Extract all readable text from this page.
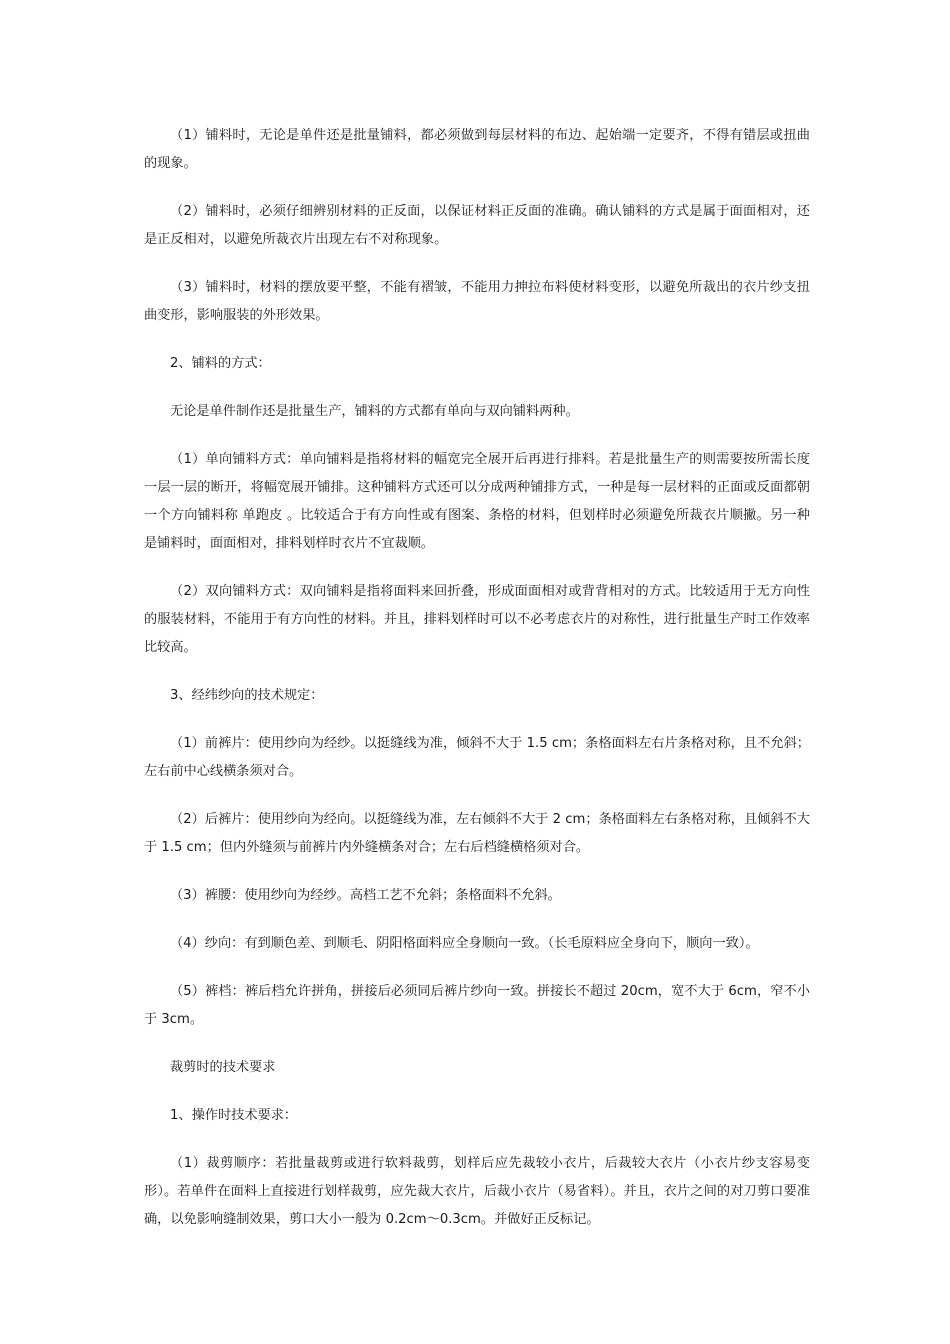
（1）铺料时，无论是单件还是批量铺料，都必须做到每层材料的布边、起始端一定要齐，不得有错层或扭曲的现象。

（2）铺料时，必须仔细辨别材料的正反面，以保证材料正反面的准确。确认铺料的方式是属于面面相对，还是正反相对，以避免所裁衣片出现左右不对称现象。

（3）铺料时，材料的摆放要平整，不能有褶皱，不能用力抻拉布料使材料变形，以避免所裁出的衣片纱支扭曲变形，影响服装的外形效果。

2、铺料的方式：

无论是单件制作还是批量生产，铺料的方式都有单向与双向铺料两种。

（1）单向铺料方式：单向铺料是指将材料的幅宽完全展开后再进行排料。若是批量生产的则需要按所需长度一层一层的断开，将幅宽展开铺排。这种铺料方式还可以分成两种铺排方式，一种是每一层材料的正面或反面都朝一个方向铺料称 单跑皮 。比较适合于有方向性或有图案、条格的材料，但划样时必须避免所裁衣片顺撇。另一种是铺料时，面面相对，排料划样时衣片不宜裁顺。

（2）双向铺料方式：双向铺料是指将面料来回折叠，形成面面相对或背背相对的方式。比较适用于无方向性的服装材料，不能用于有方向性的材料。并且，排料划样时可以不必考虑衣片的对称性，进行批量生产时工作效率比较高。

3、经纬纱向的技术规定：

（1）前裤片：使用纱向为经纱。以挺缝线为准，倾斜不大于 1.5 cm；条格面料左右片条格对称，且不允斜；左右前中心线横条须对合。

（2）后裤片：使用纱向为经向。以挺缝线为准，左右倾斜不大于 2 cm；条格面料左右条格对称，且倾斜不大于 1.5 cm；但内外缝须与前裤片内外缝横条对合；左右后档缝横格须对合。

（3）裤腰：使用纱向为经纱。高档工艺不允斜；条格面料不允斜。

（4）纱向：有到顺色差、到顺毛、阴阳格面料应全身顺向一致。（长毛原料应全身向下，顺向一致）。

（5）裤档：裤后档允许拼角，拼接后必须同后裤片纱向一致。拼接长不超过 20cm，宽不大于 6cm，窄不小于 3cm。

裁剪时的技术要求

1、操作时技术要求：

（1）裁剪顺序：若批量裁剪或进行软料裁剪，划样后应先裁较小衣片，后裁较大衣片（小衣片纱支容易变形）。若单件在面料上直接进行划样裁剪，应先裁大衣片，后裁小衣片（易省料）。并且，衣片之间的对刀剪口要准确，以免影响缝制效果，剪口大小一般为 0.2cm～0.3cm。并做好正反标记。
